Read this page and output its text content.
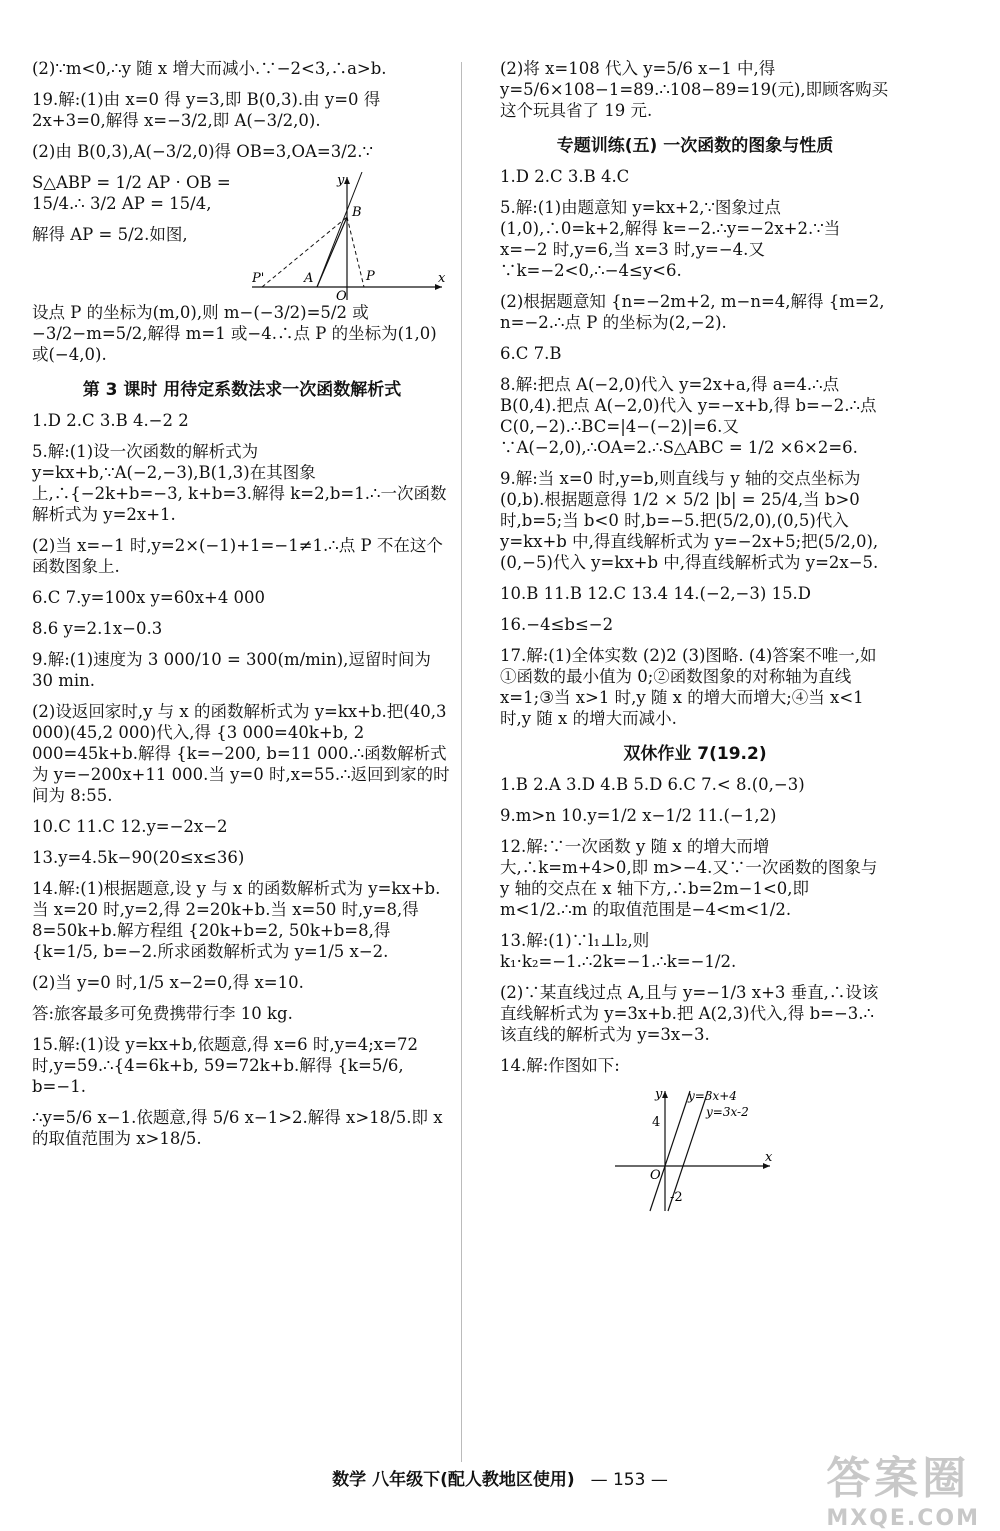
(2)∵m<0,∴y 随 x 增大而减小.∵−2<3,∴a>b.

19.解:(1)由 x=0 得 y=3,即 B(0,3).由 y=0 得 2x+3=0,解得 x=−3/2,即 A(−3/2,0).

(2)由 B(0,3),A(−3/2,0)得 OB=3,OA=3/2.∵

S△ABP = 1/2 AP · OB = 15/4.∴ 3/2 AP = 15/4,

解得 AP = 5/2.如图,

y
x
O
B
A	P
P'

设点 P 的坐标为(m,0),则 m−(−3/2)=5/2 或 −3/2−m=5/2,解得 m=1 或−4.∴点 P 的坐标为(1,0)或(−4,0).

第 3 课时 用待定系数法求一次函数解析式

1.D 2.C 3.B 4.−2 2

5.解:(1)设一次函数的解析式为 y=kx+b,∵A(−2,−3),B(1,3)在其图象上,∴{−2k+b=−3, k+b=3.解得 k=2,b=1.∴一次函数解析式为 y=2x+1.

(2)当 x=−1 时,y=2×(−1)+1=−1≠1.∴点 P 不在这个函数图象上.

6.C 7.y=100x y=60x+4 000

8.6 y=2.1x−0.3

9.解:(1)速度为 3 000/10 = 300(m/min),逗留时间为 30 min.

(2)设返回家时,y 与 x 的函数解析式为 y=kx+b.把(40,3 000)(45,2 000)代入,得 {3 000=40k+b, 2 000=45k+b.解得 {k=−200, b=11 000.∴函数解析式为 y=−200x+11 000.当 y=0 时,x=55.∴返回到家的时间为 8:55.

10.C 11.C 12.y=−2x−2

13.y=4.5k−90(20≤x≤36)

14.解:(1)根据题意,设 y 与 x 的函数解析式为 y=kx+b.当 x=20 时,y=2,得 2=20k+b.当 x=50 时,y=8,得 8=50k+b.解方程组 {20k+b=2, 50k+b=8,得 {k=1/5, b=−2.所求函数解析式为 y=1/5 x−2.

(2)当 y=0 时,1/5 x−2=0,得 x=10.

答:旅客最多可免费携带行李 10 kg.

15.解:(1)设 y=kx+b,依题意,得 x=6 时,y=4;x=72 时,y=59.∴{4=6k+b, 59=72k+b.解得 {k=5/6, b=−1.

∴y=5/6 x−1.依题意,得 5/6 x−1>2.解得 x>18/5.即 x 的取值范围为 x>18/5.

(2)将 x=108 代入 y=5/6 x−1 中,得 y=5/6×108−1=89.∴108−89=19(元),即顾客购买这个玩具省了 19 元.

专题训练(五) 一次函数的图象与性质

1.D 2.C 3.B 4.C

5.解:(1)由题意知 y=kx+2,∵图象过点(1,0),∴0=k+2,解得 k=−2.∴y=−2x+2.∵当 x=−2 时,y=6,当 x=3 时,y=−4.又∵k=−2<0,∴−4≤y<6.

(2)根据题意知 {n=−2m+2, m−n=4,解得 {m=2, n=−2.∴点 P 的坐标为(2,−2).

6.C 7.B

8.解:把点 A(−2,0)代入 y=2x+a,得 a=4.∴点 B(0,4).把点 A(−2,0)代入 y=−x+b,得 b=−2.∴点 C(0,−2).∴BC=|4−(−2)|=6.又∵A(−2,0),∴OA=2.∴S△ABC = 1/2 ×6×2=6.

9.解:当 x=0 时,y=b,则直线与 y 轴的交点坐标为(0,b).根据题意得 1/2 × 5/2 |b| = 25/4,当 b>0 时,b=5;当 b<0 时,b=−5.把(5/2,0),(0,5)代入 y=kx+b 中,得直线解析式为 y=−2x+5;把(5/2,0),(0,−5)代入 y=kx+b 中,得直线解析式为 y=2x−5.

10.B 11.B 12.C 13.4 14.(−2,−3) 15.D

16.−4≤b≤−2

17.解:(1)全体实数 (2)2 (3)图略. (4)答案不唯一,如①函数的最小值为 0;②函数图象的对称轴为直线 x=1;③当 x>1 时,y 随 x 的增大而增大;④当 x<1 时,y 随 x 的增大而减小.

双休作业 7(19.2)

1.B 2.A 3.D 4.B 5.D 6.C 7.< 8.(0,−3)

9.m>n 10.y=1/2 x−1/2 11.(−1,2)

12.解:∵一次函数 y 随 x 的增大而增大,∴k=m+4>0,即 m>−4.又∵一次函数的图象与 y 轴的交点在 x 轴下方,∴b=2m−1<0,即 m<1/2.∴m 的取值范围是−4<m<1/2.

13.解:(1)∵l₁⊥l₂,则 k₁·k₂=−1.∴2k=−1.∴k=−1/2.

(2)∵某直线过点 A,且与 y=−1/3 x+3 垂直,∴设该直线解析式为 y=3x+b.把 A(2,3)代入,得 b=−3.∴该直线的解析式为 y=3x−3.

14.解:作图如下:

y
x
O
4
-2
y=3x+4
y=3x-2
数学 八年级下(配人教地区使用) — 153 —	答案圈
MXQE.COM
